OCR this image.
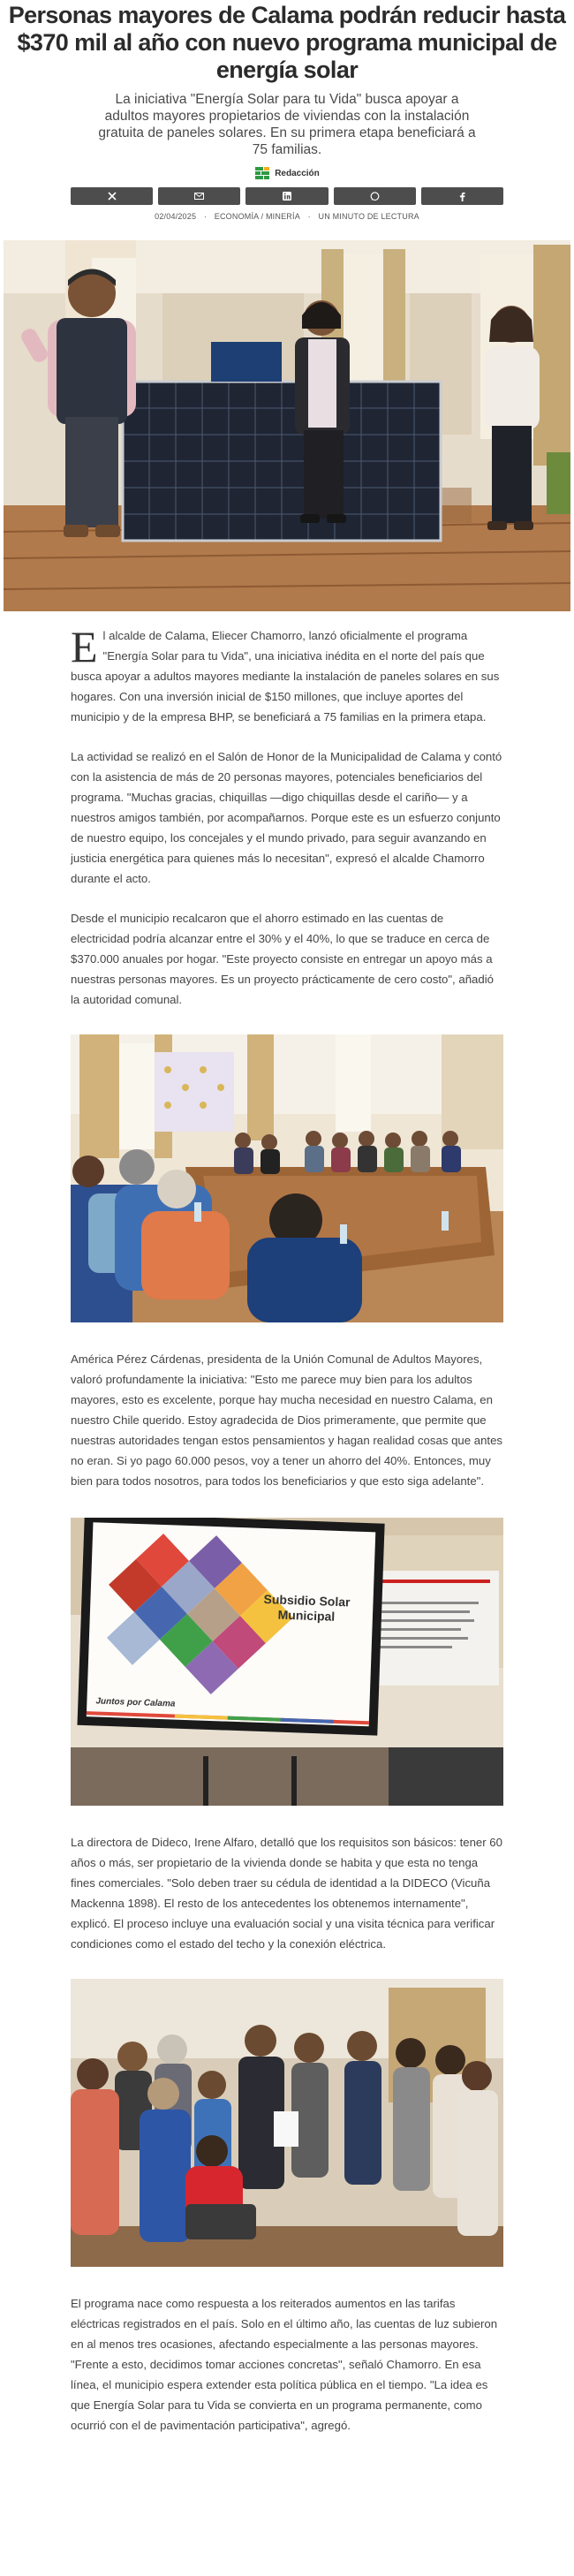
Personas mayores de Calama podrán reducir hasta $370 mil al año con nuevo programa municipal de energía solar

La iniciativa "Energía Solar para tu Vida" busca apoyar a adultos mayores propietarios de viviendas con la instalación gratuita de paneles solares. En su primera etapa beneficiará a 75 familias.

Redacción
02/04/2025 · ECONOMÍA / MINERÍA · UN MINUTO DE LECTURA

El alcalde de Calama, Eliecer Chamorro, lanzó oficialmente el programa "Energía Solar para tu Vida", una iniciativa inédita en el norte del país que busca apoyar a adultos mayores mediante la instalación de paneles solares en sus hogares. Con una inversión inicial de $150 millones, que incluye aportes del municipio y de la empresa BHP, se beneficiará a 75 familias en la primera etapa.

La actividad se realizó en el Salón de Honor de la Municipalidad de Calama y contó con la asistencia de más de 20 personas mayores, potenciales beneficiarios del programa. "Muchas gracias, chiquillas —digo chiquillas desde el cariño— y a nuestros amigos también, por acompañarnos. Porque este es un esfuerzo conjunto de nuestro equipo, los concejales y el mundo privado, para seguir avanzando en justicia energética para quienes más lo necesitan", expresó el alcalde Chamorro durante el acto.

Desde el municipio recalcaron que el ahorro estimado en las cuentas de electricidad podría alcanzar entre el 30% y el 40%, lo que se traduce en cerca de $370.000 anuales por hogar. "Este proyecto consiste en entregar un apoyo más a nuestras personas mayores. Es un proyecto prácticamente de cero costo", añadió la autoridad comunal.

América Pérez Cárdenas, presidenta de la Unión Comunal de Adultos Mayores, valoró profundamente la iniciativa: "Esto me parece muy bien para los adultos mayores, esto es excelente, porque hay mucha necesidad en nuestro Calama, en nuestro Chile querido. Estoy agradecida de Dios primeramente, que permite que nuestras autoridades tengan estos pensamientos y hagan realidad cosas que antes no eran. Si yo pago 60.000 pesos, voy a tener un ahorro del 40%. Entonces, muy bien para todos nosotros, para todos los beneficiarios y que esto siga adelante".

Subsidio Solar
Municipal
Juntos por Calama

La directora de Dideco, Irene Alfaro, detalló que los requisitos son básicos: tener 60 años o más, ser propietario de la vivienda donde se habita y que esta no tenga fines comerciales. "Solo deben traer su cédula de identidad a la DIDECO (Vicuña Mackenna 1898). El resto de los antecedentes los obtenemos internamente", explicó. El proceso incluye una evaluación social y una visita técnica para verificar condiciones como el estado del techo y la conexión eléctrica.

El programa nace como respuesta a los reiterados aumentos en las tarifas eléctricas registrados en el país. Solo en el último año, las cuentas de luz subieron en al menos tres ocasiones, afectando especialmente a las personas mayores. "Frente a esto, decidimos tomar acciones concretas", señaló Chamorro. En esa línea, el municipio espera extender esta política pública en el tiempo. "La idea es que Energía Solar para tu Vida se convierta en un programa permanente, como ocurrió con el de pavimentación participativa", agregó.
